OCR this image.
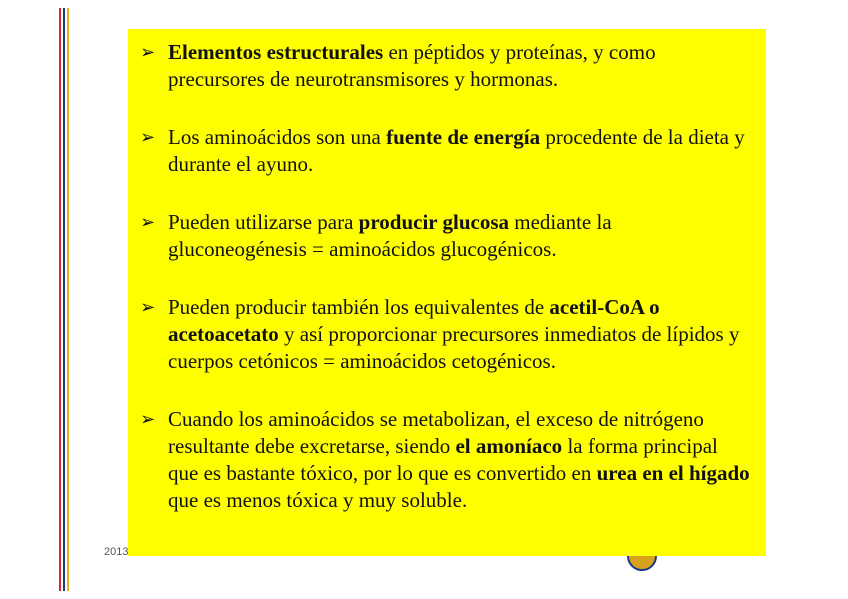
2013
➢ Elementos estructurales en péptidos y proteínas, y como precursores de neurotransmisores y hormonas.
➢ Los aminoácidos son una fuente de energía procedente de la dieta y durante el ayuno.
➢ Pueden utilizarse para producir glucosa mediante la gluconeogénesis = aminoácidos glucogénicos.
➢ Pueden producir también los equivalentes de acetil-CoA o acetoacetato y así proporcionar precursores inmediatos de lípidos y cuerpos cetónicos = aminoácidos cetogénicos.
➢ Cuando los aminoácidos se metabolizan, el exceso de nitrógeno resultante debe excretarse, siendo el amoníaco la forma principal que es bastante tóxico, por lo que es convertido en urea en el hígado que es menos tóxica y muy soluble.
